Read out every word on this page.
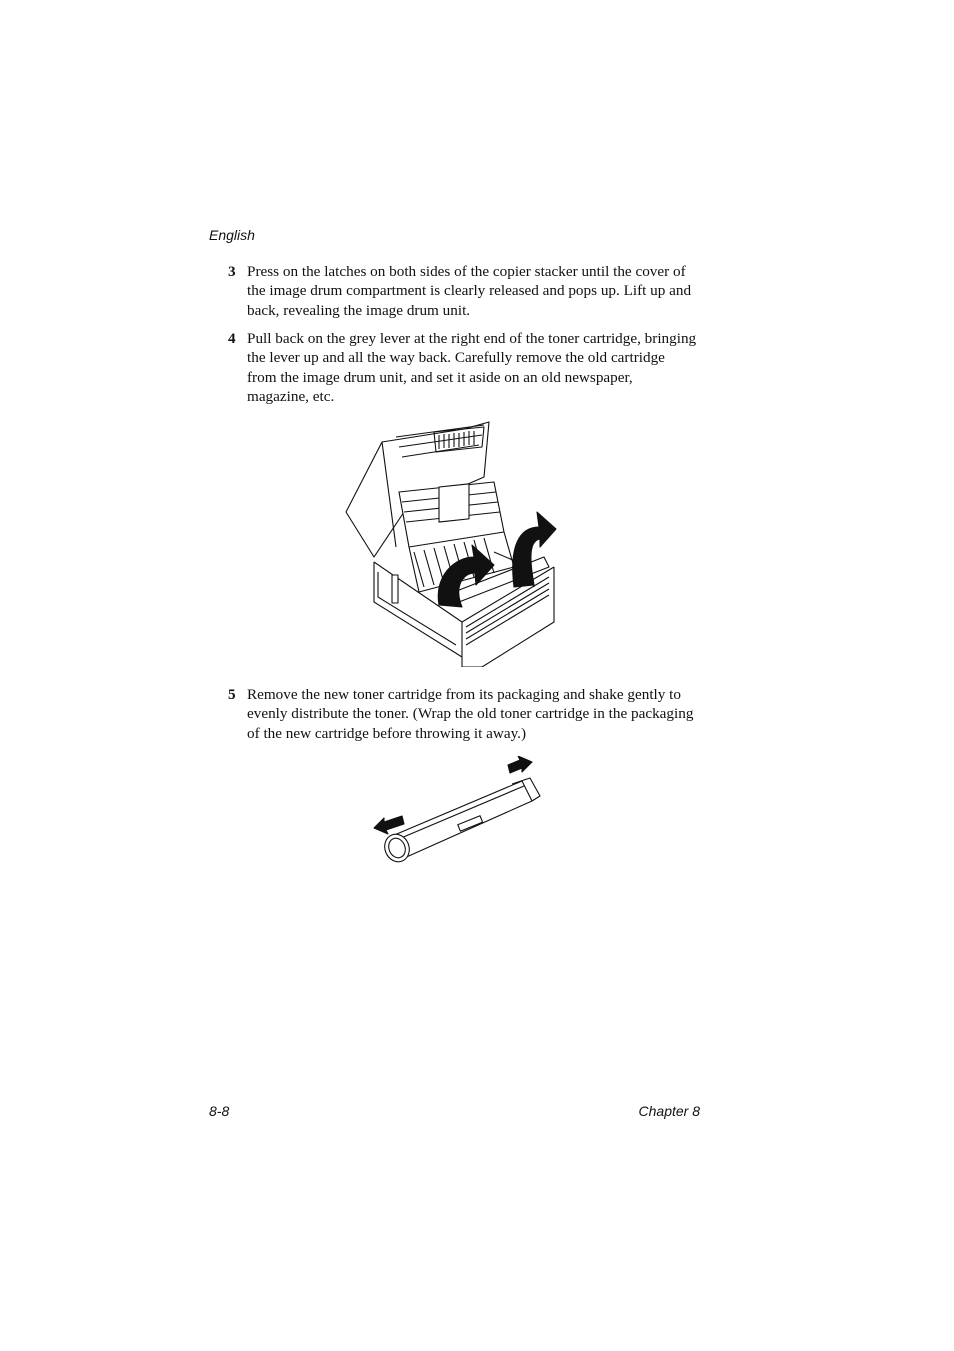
English
3 Press on the latches on both sides of the copier stacker until the cover of the image drum compartment is clearly released and pops up. Lift up and back, revealing the image drum unit.
4 Pull back on the grey lever at the right end of the toner cartridge, bringing the lever up and all the way back. Carefully remove the old cartridge from the image drum unit, and set it aside on an old newspaper, magazine, etc.
5 Remove the new toner cartridge from its packaging and shake gently to evenly distribute the toner. (Wrap the old toner cartridge in the packaging of the new cartridge before throwing it away.)
8-8	Chapter 8
